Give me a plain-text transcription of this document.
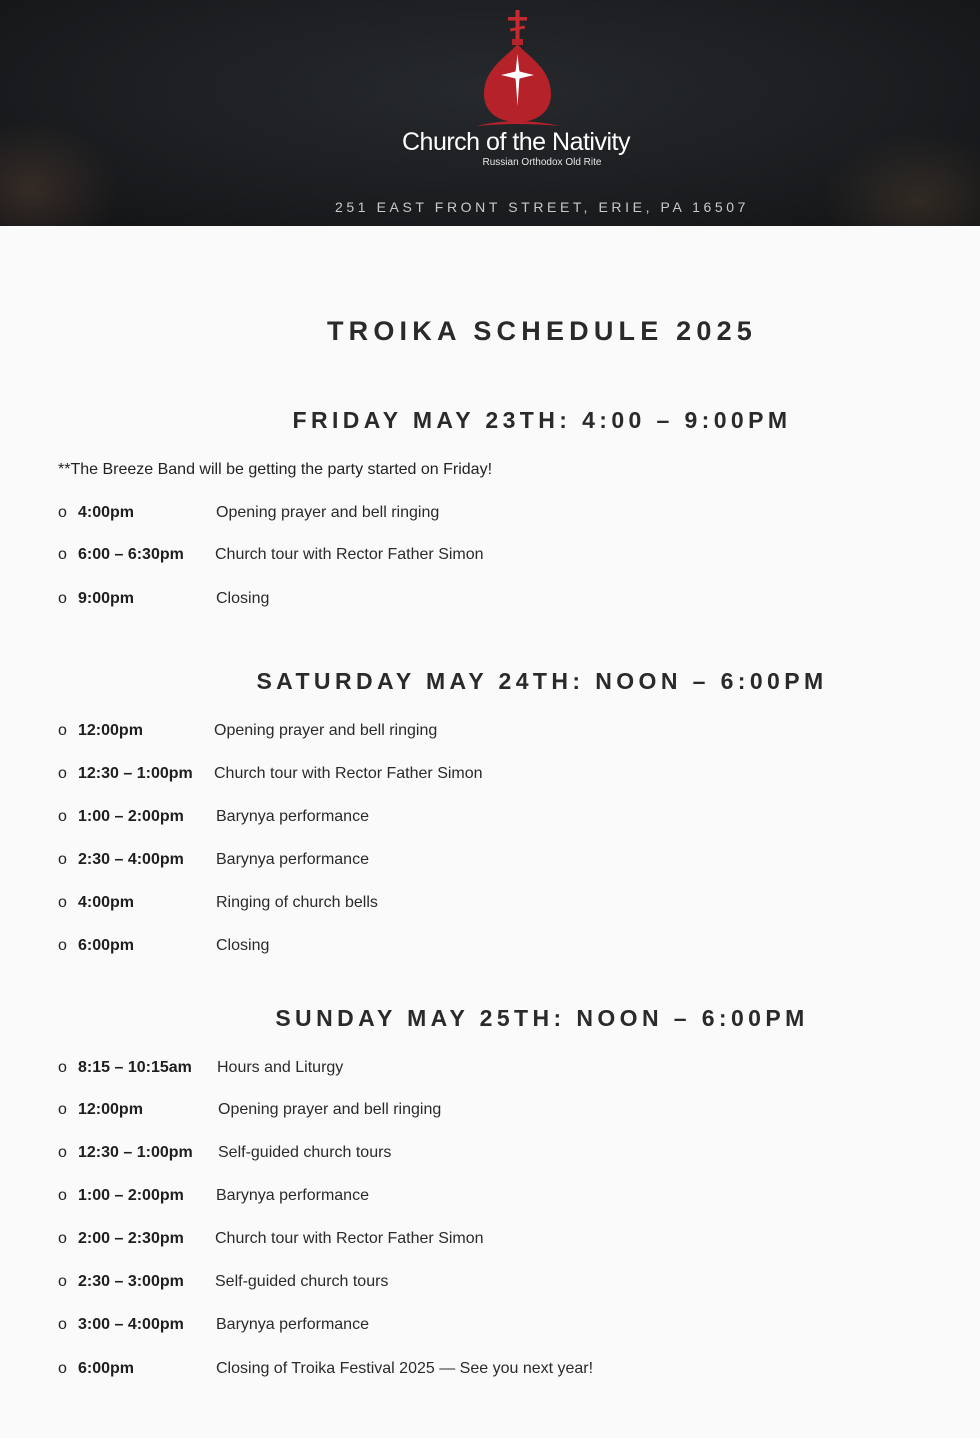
Church of the Nativity
Russian Orthodox Old Rite
251 EAST FRONT STREET, ERIE, PA 16507
TROIKA SCHEDULE 2025
FRIDAY MAY 23TH: 4:00 – 9:00PM
**The Breeze Band will be getting the party started on Friday!
o 4:00pm	Opening prayer and bell ringing
o 6:00 – 6:30pm Church tour with Rector Father Simon
o 9:00pm	Closing
SATURDAY MAY 24TH: NOON – 6:00PM
o 12:00pm	Opening prayer and bell ringing
o 12:30 – 1:00pm Church tour with Rector Father Simon
o 1:00 – 2:00pm Barynya performance
o 2:30 – 4:00pm Barynya performance
o 4:00pm	Ringing of church bells
o 6:00pm	Closing
SUNDAY MAY 25TH: NOON – 6:00PM
o 8:15 – 10:15am Hours and Liturgy
o 12:00pm	Opening prayer and bell ringing
o 12:30 – 1:00pm Self-guided church tours
o 1:00 – 2:00pm Barynya performance
o 2:00 – 2:30pm Church tour with Rector Father Simon
o 2:30 – 3:00pm Self-guided church tours
o 3:00 – 4:00pm Barynya performance
o 6:00pm	Closing of Troika Festival 2025 — See you next year!
